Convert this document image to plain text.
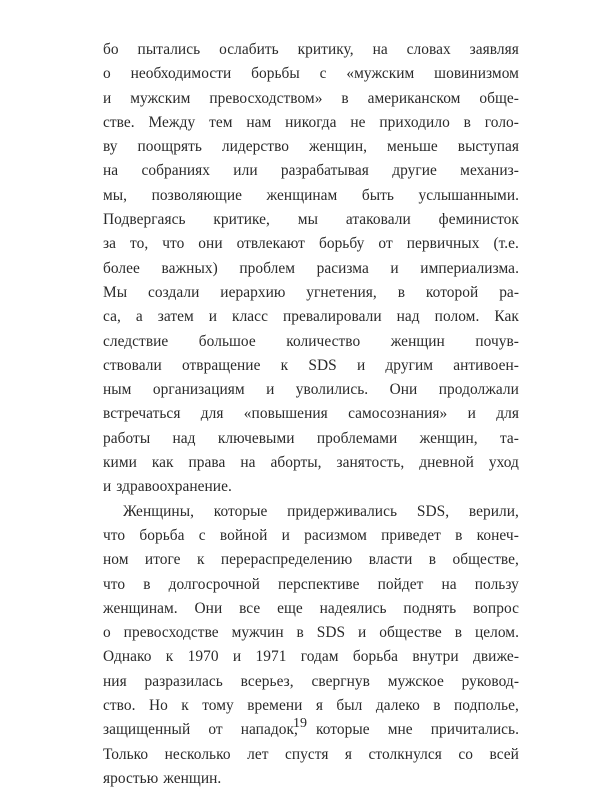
бо пытались ослабить критику, на словах заявляя
о необходимости борьбы с «мужским шовинизмом
и мужским превосходством» в американском обще-
стве. Между тем нам никогда не приходило в голо-
ву поощрять лидерство женщин, меньше выступая
на собраниях или разрабатывая другие механиз-
мы, позволяющие женщинам быть услышанными.
Подвергаясь критике, мы атаковали феминисток
за то, что они отвлекают борьбу от первичных (т.е.
более важных) проблем расизма и империализма.
Мы создали иерархию угнетения, в которой ра-
са, а затем и класс превалировали над полом. Как
следствие большое количество женщин почув-
ствовали отвращение к SDS и другим антивоен-
ным организациям и уволились. Они продолжали
встречаться для «повышения самосознания» и для
работы над ключевыми проблемами женщин, та-
кими как права на аборты, занятость, дневной уход
и здравоохранение.
Женщины, которые придерживались SDS, верили,
что борьба с войной и расизмом приведет в конеч-
ном итоге к перераспределению власти в обществе,
что в долгосрочной перспективе пойдет на пользу
женщинам. Они все еще надеялись поднять вопрос
о превосходстве мужчин в SDS и обществе в целом.
Однако к 1970 и 1971 годам борьба внутри движе-
ния разразилась всерьез, свергнув мужское руковод-
ство. Но к тому времени я был далеко в подполье,
защищенный от нападок, которые мне причитались.
Только несколько лет спустя я столкнулся со всей
яростью женщин.
19
